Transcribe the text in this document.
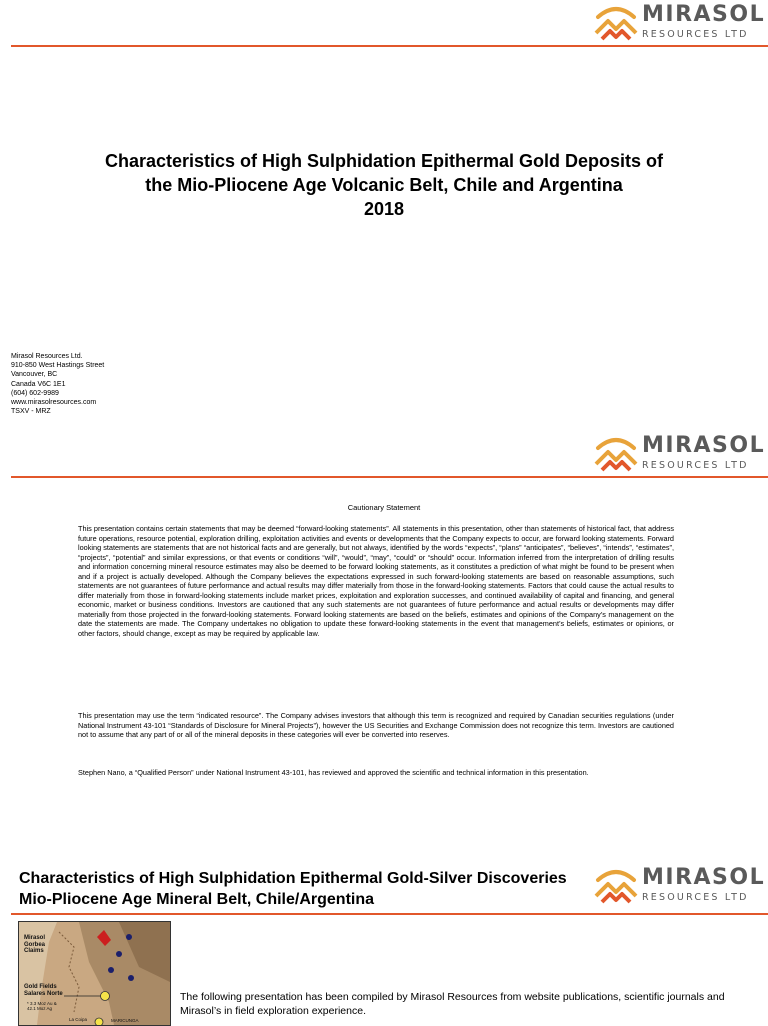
MIRASOL
RESOURCES LTD
Characteristics of High Sulphidation Epithermal Gold Deposits of
the Mio-Pliocene Age Volcanic Belt, Chile and Argentina
2018
Mirasol Resources Ltd.
910-850 West Hastings Street
Vancouver, BC
Canada V6C 1E1
(604) 602-9989
www.mirasolresources.com
TSXV - MRZ
MIRASOL
RESOURCES LTD
Cautionary Statement
This presentation contains certain statements that may be deemed “forward-looking statements”. All statements in this presentation, other than statements of historical fact, that address future operations, resource potential, exploration drilling, exploitation activities and events or developments that the Company expects to occur, are forward looking statements. Forward looking statements are statements that are not historical facts and are generally, but not always, identified by the words “expects”, “plans” “anticipates”, “believes”, “intends”, “estimates”, “projects”, “potential” and similar expressions, or that events or conditions “will”, “would”, “may”, “could” or “should” occur. Information inferred from the interpretation of drilling results and information concerning mineral resource estimates may also be deemed to be forward looking statements, as it constitutes a prediction of what might be found to be present when and if a project is actually developed. Although the Company believes the expectations expressed in such forward-looking statements are based on reasonable assumptions, such statements are not guarantees of future performance and actual results may differ materially from those in the forward-looking statements. Factors that could cause the actual results to differ materially from those in forward-looking statements include market prices, exploitation and exploration successes, and continued availability of capital and financing, and general economic, market or business conditions. Investors are cautioned that any such statements are not guarantees of future performance and actual results or developments may differ materially from those projected in the forward-looking statements. Forward looking statements are based on the beliefs, estimates and opinions of the Company’s management on the date the statements are made. The Company undertakes no obligation to update these forward-looking statements in the event that management’s beliefs, estimates or opinions, or other factors, should change, except as may be required by applicable law.
This presentation may use the term “indicated resource”. The Company advises investors that although this term is recognized and required by Canadian securities regulations (under National Instrument 43-101 “Standards of Disclosure for Mineral Projects”), however the US Securities and Exchange Commission does not recognize this term. Investors are cautioned not to assume that any part of or all of the mineral deposits in these categories will ever be converted into reserves.
Stephen Nano, a “Qualified Person” under National Instrument 43-101, has reviewed and approved the scientific and technical information in this presentation.
Characteristics of High Sulphidation Epithermal Gold-Silver Discoveries
Mio-Pliocene Age Mineral Belt, Chile/Argentina
MIRASOL
RESOURCES LTD
Mirasol
Gorbea
Claims
Gold Fields
Salares Norte
* 3.3 Moz Au &
42.1 Moz Ag
La Coipa	MARICUNGA
The following presentation has been compiled by Mirasol Resources from website publications, scientific journals and Mirasol’s in field exploration experience.
